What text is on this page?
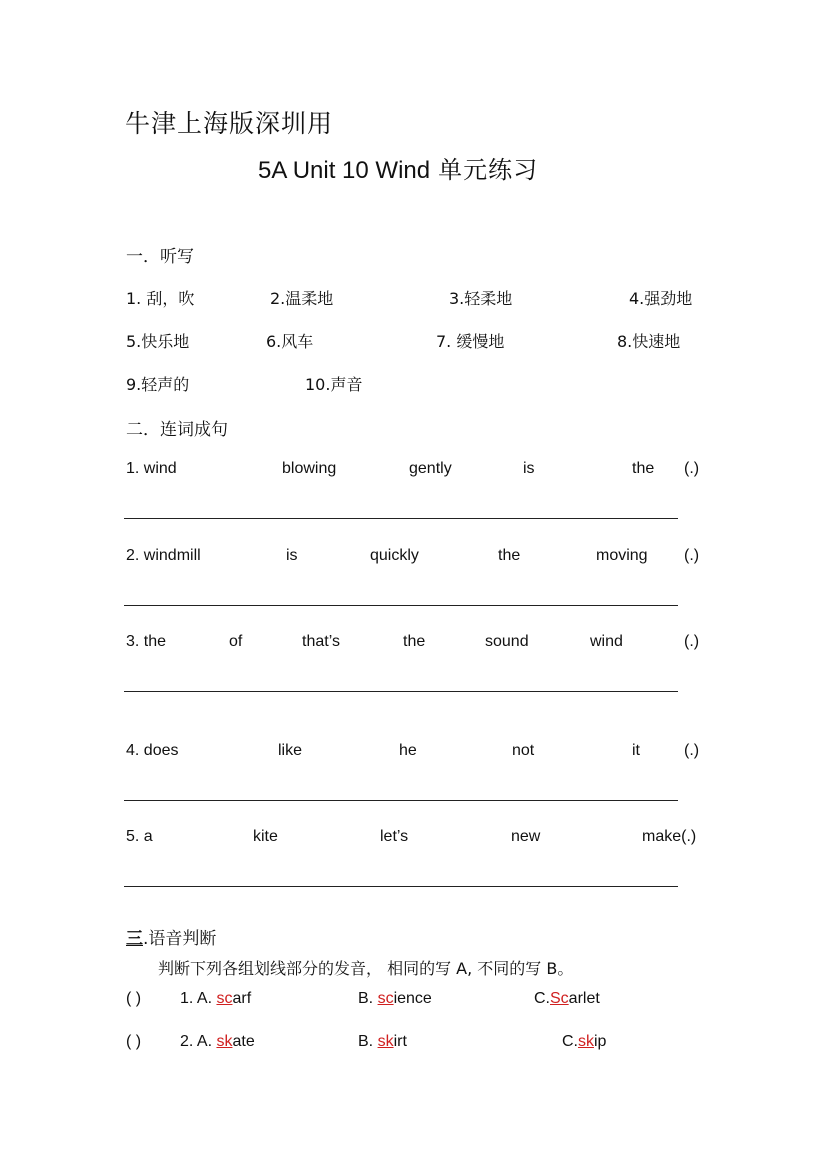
牛津上海版深圳用
5A Unit 10 Wind 单元练习
一．听写
1. 刮，吹	2.温柔地	3.轻柔地	4.强劲地
5.快乐地	6.风车	7. 缓慢地	8.快速地
9.轻声的	10.声音
二．连词成句
1. wind	blowing	gently	is	the (.)
2. windmill	is	quickly	the	moving (.)
3. the	of	that’s	the	sound	wind	(.)
4. does	like	he	not	it	(.)
5. a	kite	let’s	new	make(.)
三.语音判断
判断下列各组划线部分的发音， 相同的写 A, 不同的写 B。
( ) 1. A. scarf	B. science	C.Scarlet
( ) 2. A. skate	B. skirt	C.skip
